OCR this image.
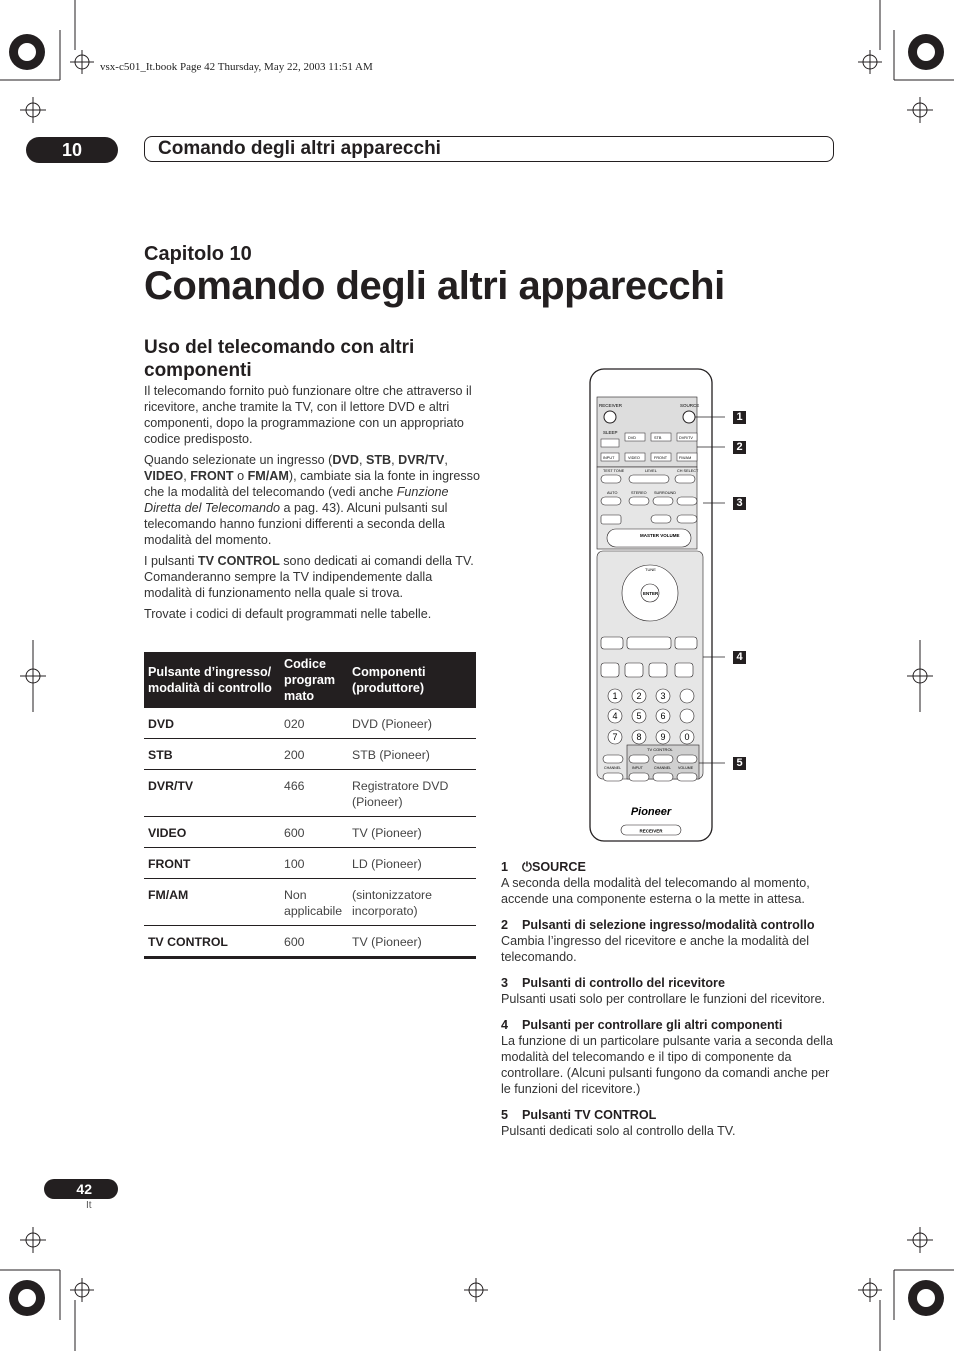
vsx-c501_It.book Page 42 Thursday, May 22, 2003 11:51 AM
10	Comando degli altri apparecchi
Capitolo 10
Comando degli altri apparecchi
Uso del telecomando con altri componenti

Il telecomando fornito può funzionare oltre che attraverso il ricevitore, anche tramite la TV, con il lettore DVD e altri componenti, dopo la programmazione con un appropriato codice predisposto.

Quando selezionate un ingresso (DVD, STB, DVR/TV, VIDEO, FRONT o FM/AM), cambiate sia la fonte in ingresso che la modalità del telecomando (vedi anche Funzione Diretta del Telecomando a pag. 43). Alcuni pulsanti sul telecomando hanno funzioni differenti a seconda della modalità del momento.

I pulsanti TV CONTROL sono dedicati ai comandi della TV. Comanderanno sempre la TV indipendemente dalla modalità di funzionamento nella quale si trova.

Trovate i codici di default programmati nelle tabelle.

Pulsante d’ingresso/ modalità di controllo	Codice program mato	Componenti (produttore)
DVD	020	DVD (Pioneer)
STB	200	STB (Pioneer)
DVR/TV	466	Registratore DVD (Pioneer)
VIDEO	600	TV (Pioneer)
FRONT	100	LD (Pioneer)
FM/AM	Non applicabile	(sintonizzatore incorporato)
TV CONTROL	600	TV (Pioneer)
RECEIVER	SOURCE
SLEEP
DVD	STB	DVR/TV
VIDEO	FRONT	FM/AM
INPUT
TEST TONE	LEVEL	CH SELECT
AUTO	STEREO SURROUND
MASTER VOLUME
ENTER
TUNE
1 2 3
4 5 6
7 8 9 0
TV CONTROL
CHANNEL	INPUT	CHANNEL VOLUME
Pioneer
RECEIVER
1
2
3
4
5
1 ⏻SOURCE

A seconda della modalità del telecomando al momento, accende una componente esterna o la mette in attesa.

2 Pulsanti di selezione ingresso/modalità controllo

Cambia l’ingresso del ricevitore e anche la modalità del telecomando.

3 Pulsanti di controllo del ricevitore

Pulsanti usati solo per controllare le funzioni del ricevitore.

4 Pulsanti per controllare gli altri componenti

La funzione di un particolare pulsante varia a seconda della modalità del telecomando e il tipo di componente da controllare. (Alcuni pulsanti fungono da comandi anche per le funzioni del ricevitore.)

5 Pulsanti TV CONTROL

Pulsanti dedicati solo al controllo della TV.

42
It
